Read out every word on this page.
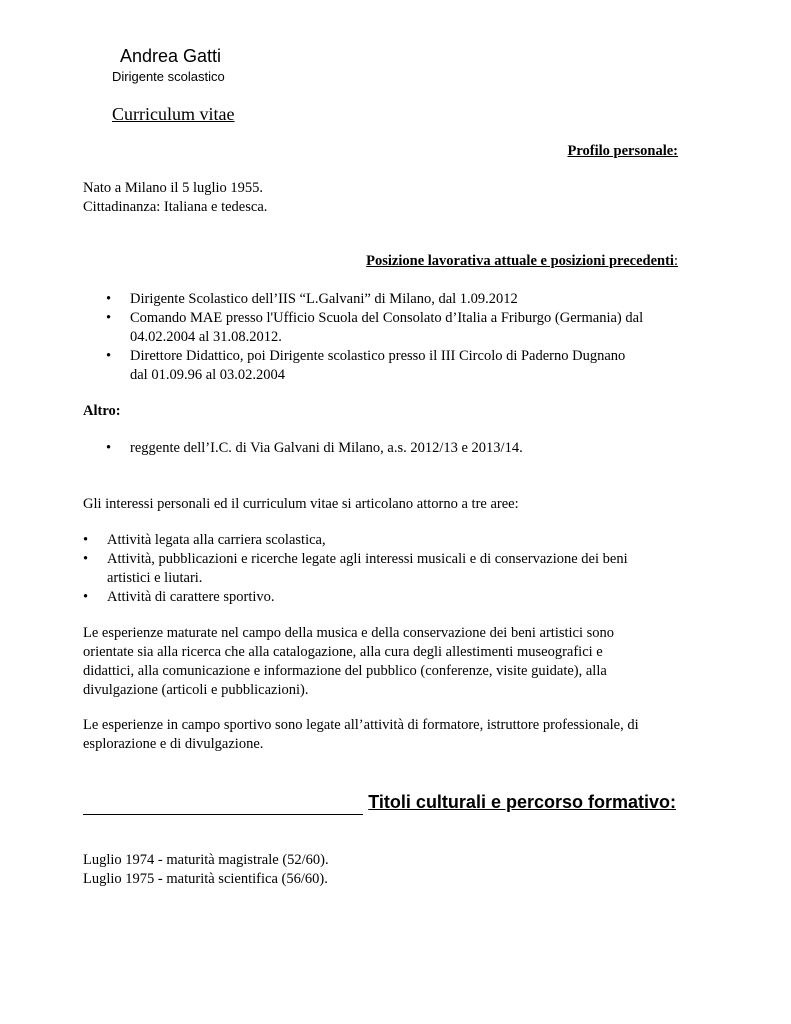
Andrea Gatti
Dirigente scolastico
Curriculum vitae
Profilo personale:
Nato a Milano il 5 luglio 1955.
Cittadinanza: Italiana e tedesca.
Posizione lavorativa attuale e posizioni precedenti:
• Dirigente Scolastico dell’IIS “L.Galvani” di Milano, dal 1.09.2012
• Comando MAE presso l'Ufficio Scuola del Consolato d’Italia a Friburgo (Germania) dal
04.02.2004 al 31.08.2012.
• Direttore Didattico, poi Dirigente scolastico presso il III Circolo di Paderno Dugnano
dal 01.09.96 al 03.02.2004
Altro:
• reggente dell’I.C. di Via Galvani di Milano, a.s. 2012/13 e 2013/14.
Gli interessi personali ed il curriculum vitae si articolano attorno a tre aree:
• Attività legata alla carriera scolastica,
• Attività, pubblicazioni e ricerche legate agli interessi musicali e di conservazione dei beni
artistici e liutari.
• Attività di carattere sportivo.
Le esperienze maturate nel campo della musica e della conservazione dei beni artistici sono
orientate sia alla ricerca che alla catalogazione, alla cura degli allestimenti museografici e
didattici, alla comunicazione e informazione del pubblico (conferenze, visite guidate), alla
divulgazione (articoli e pubblicazioni).
Le esperienze in campo sportivo sono legate all’attività di formatore, istruttore professionale, di
esplorazione e di divulgazione.
Titoli culturali e percorso formativo:
Luglio 1974 - maturità magistrale (52/60).
Luglio 1975 - maturità scientifica (56/60).
